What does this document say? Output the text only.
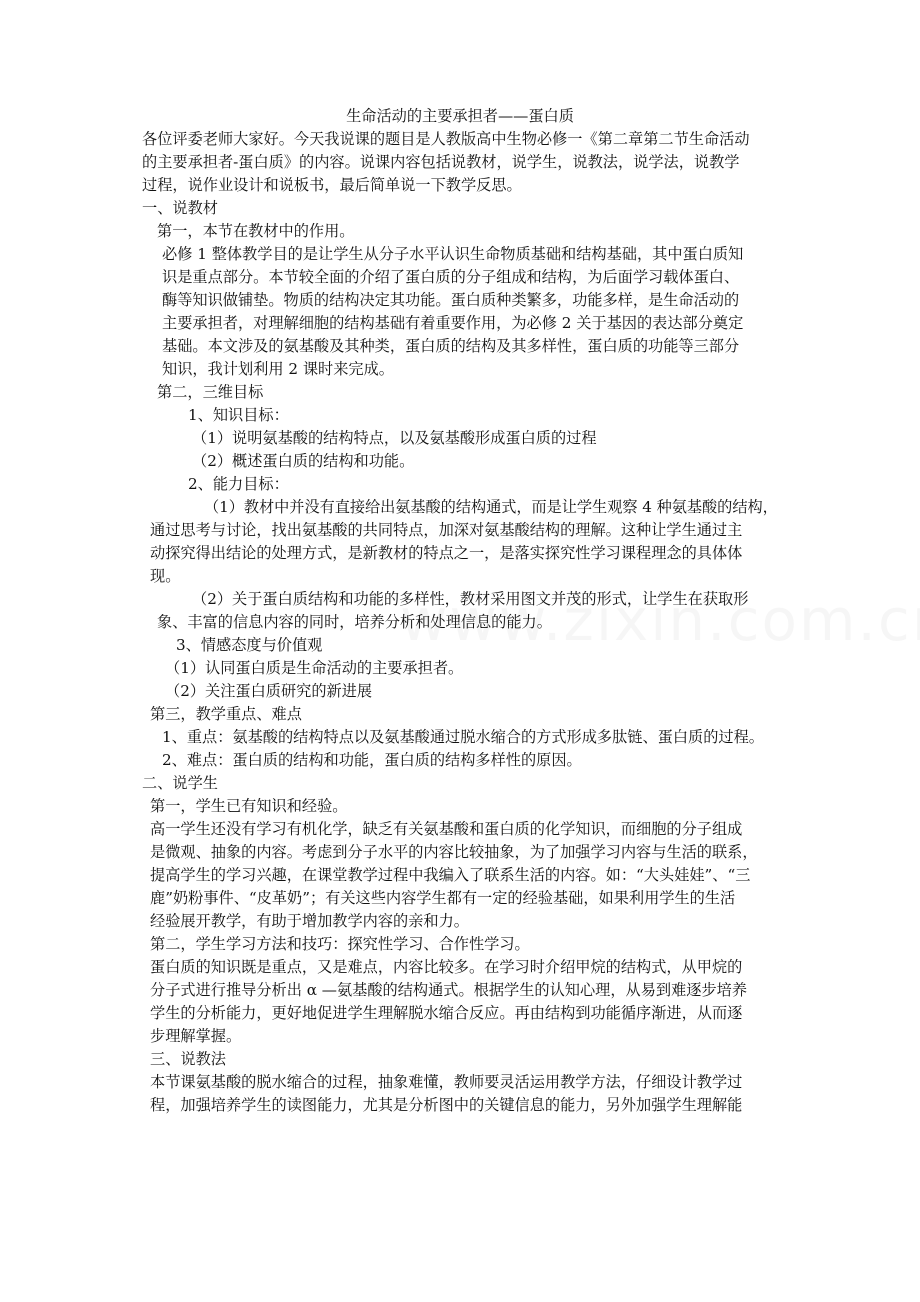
生命活动的主要承担者——蛋白质
各位评委老师大家好。今天我说课的题目是人教版高中生物必修一《第二章第二节生命活动
的主要承担者-蛋白质》的内容。说课内容包括说教材，说学生，说教法，说学法，说教学
过程，说作业设计和说板书，最后简单说一下教学反思。
一、说教材
第一，本节在教材中的作用。
必修 1 整体教学目的是让学生从分子水平认识生命物质基础和结构基础，其中蛋白质知
识是重点部分。本节较全面的介绍了蛋白质的分子组成和结构，为后面学习载体蛋白、
酶等知识做铺垫。物质的结构决定其功能。蛋白质种类繁多，功能多样，是生命活动的
主要承担者，对理解细胞的结构基础有着重要作用，为必修 2 关于基因的表达部分奠定
基础。本文涉及的氨基酸及其种类，蛋白质的结构及其多样性，蛋白质的功能等三部分
知识，我计划利用 2 课时来完成。
第二，三维目标
1、知识目标：
（1）说明氨基酸的结构特点，以及氨基酸形成蛋白质的过程
（2）概述蛋白质的结构和功能。
2、能力目标：
（1）教材中并没有直接给出氨基酸的结构通式，而是让学生观察 4 种氨基酸的结构，
通过思考与讨论，找出氨基酸的共同特点，加深对氨基酸结构的理解。这种让学生通过主
动探究得出结论的处理方式，是新教材的特点之一，是落实探究性学习课程理念的具体体
现。
（2）关于蛋白质结构和功能的多样性，教材采用图文并茂的形式，让学生在获取形
象、丰富的信息内容的同时，培养分析和处理信息的能力。
3、情感态度与价值观
（1）认同蛋白质是生命活动的主要承担者。
（2）关注蛋白质研究的新进展
第三，教学重点、难点
1、重点：氨基酸的结构特点以及氨基酸通过脱水缩合的方式形成多肽链、蛋白质的过程。
2、难点：蛋白质的结构和功能，蛋白质的结构多样性的原因。
二、说学生
第一，学生已有知识和经验。
高一学生还没有学习有机化学，缺乏有关氨基酸和蛋白质的化学知识，而细胞的分子组成
是微观、抽象的内容。考虑到分子水平的内容比较抽象，为了加强学习内容与生活的联系，
提高学生的学习兴趣，在课堂教学过程中我编入了联系生活的内容。如：“大头娃娃”、“三
鹿”奶粉事件、“皮革奶”；有关这些内容学生都有一定的经验基础，如果利用学生的生活
经验展开教学，有助于增加教学内容的亲和力。
第二，学生学习方法和技巧：探究性学习、合作性学习。
蛋白质的知识既是重点，又是难点，内容比较多。在学习时介绍甲烷的结构式，从甲烷的
分子式进行推导分析出 α —氨基酸的结构通式。根据学生的认知心理，从易到难逐步培养
学生的分析能力，更好地促进学生理解脱水缩合反应。再由结构到功能循序渐进，从而逐
步理解掌握。
三、说教法
本节课氨基酸的脱水缩合的过程，抽象难懂，教师要灵活运用教学方法，仔细设计教学过
程，加强培养学生的读图能力，尤其是分析图中的关键信息的能力，另外加强学生理解能
